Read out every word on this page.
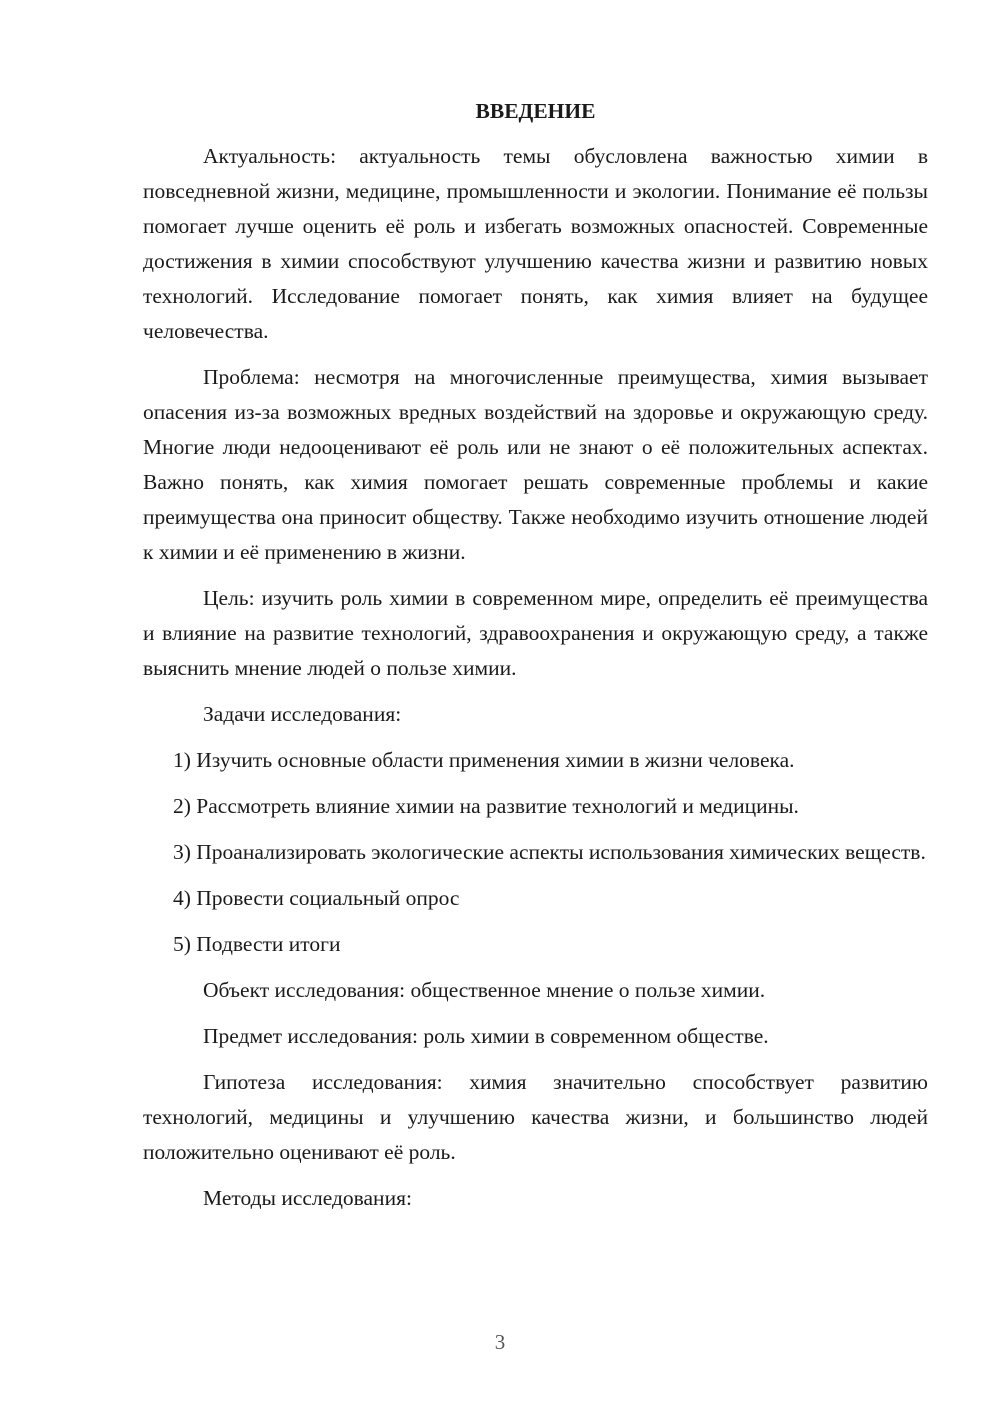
ВВЕДЕНИЕ

Актуальность: актуальность темы обусловлена важностью химии в повседневной жизни, медицине, промышленности и экологии. Понимание её пользы помогает лучше оценить её роль и избегать возможных опасностей. Современные достижения в химии способствуют улучшению качества жизни и развитию новых технологий. Исследование помогает понять, как химия влияет на будущее человечества.

Проблема: несмотря на многочисленные преимущества, химия вызывает опасения из-за возможных вредных воздействий на здоровье и окружающую среду. Многие люди недооценивают её роль или не знают о её положительных аспектах. Важно понять, как химия помогает решать современные проблемы и какие преимущества она приносит обществу. Также необходимо изучить отношение людей к химии и её применению в жизни.

Цель: изучить роль химии в современном мире, определить её преимущества и влияние на развитие технологий, здравоохранения и окружающую среду, а также выяснить мнение людей о пользе химии.

Задачи исследования:

1) Изучить основные области применения химии в жизни человека.

2) Рассмотреть влияние химии на развитие технологий и медицины.

3) Проанализировать экологические аспекты использования химических веществ.

4) Провести социальный опрос

5) Подвести итоги

Объект исследования: общественное мнение о пользе химии.

Предмет исследования: роль химии в современном обществе.

Гипотеза исследования: химия значительно способствует развитию технологий, медицины и улучшению качества жизни, и большинство людей положительно оценивают её роль.

Методы исследования:

3
